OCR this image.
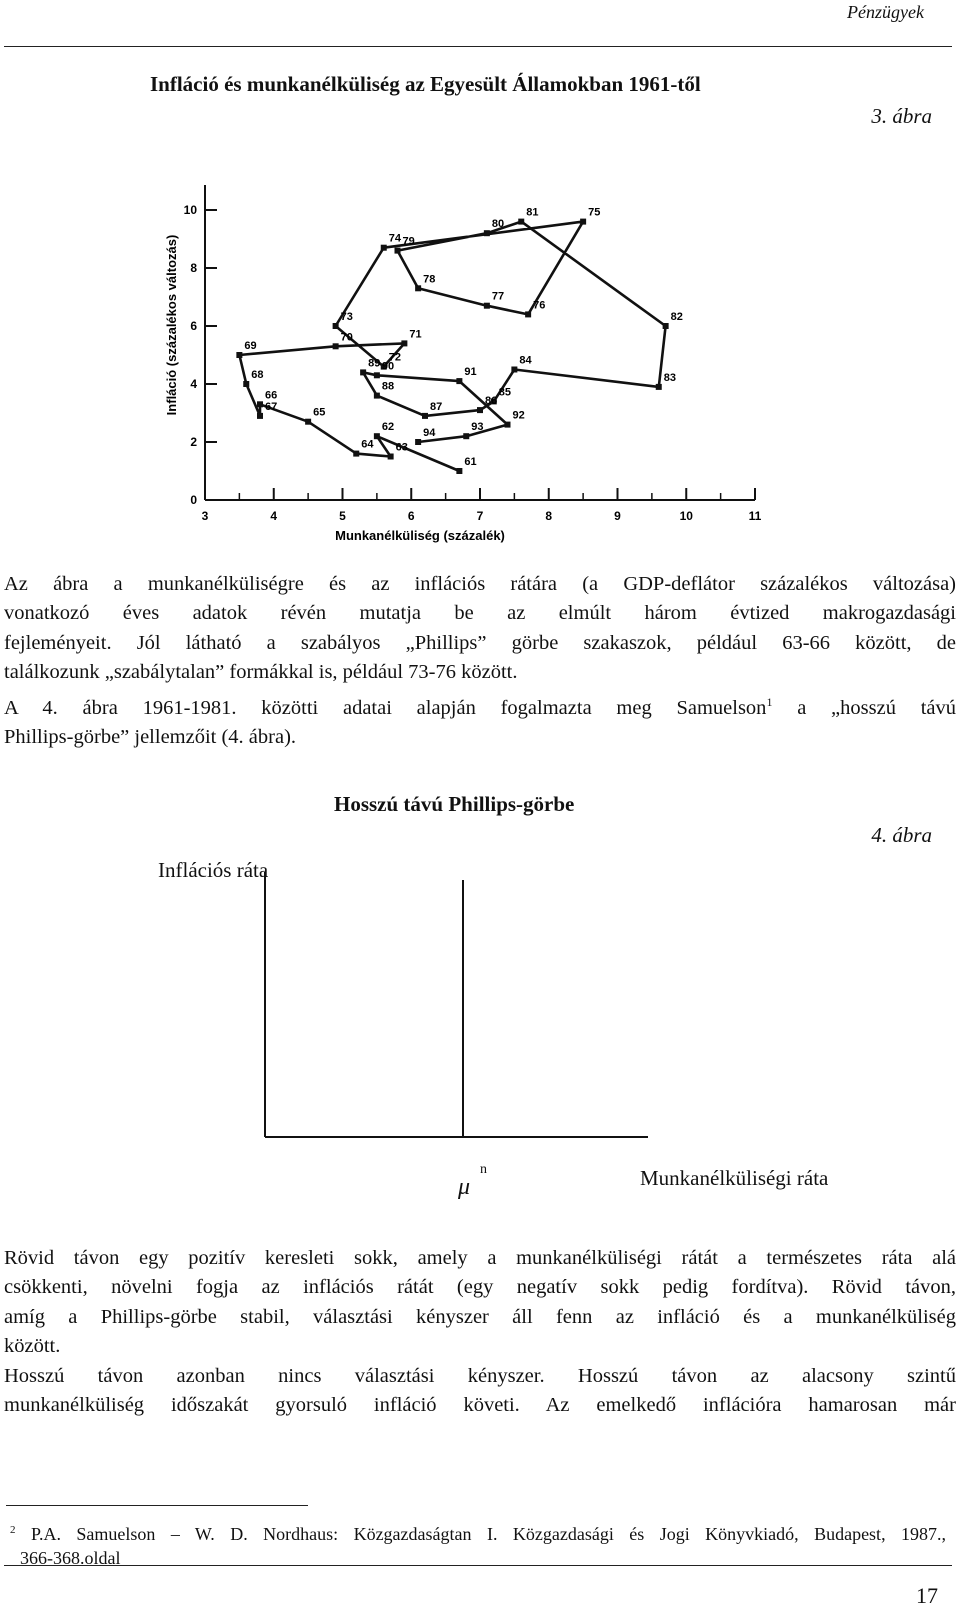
Pénzügyek
Infláció és munkanélküliség az Egyesült Államokban 1961-től
3. ábra
3	4	5	6	7	8	9	10	11
0
2
4
6
8
10
61
62
63
64
65
66
67
68
69
70	71
72
73
74
75
76
77
78
79
80
81
82
83
84
85
86
87
88
89 90	91
92
93
94
Munkanélküliség (százalék)
Infláció (százalékos változás)
Az ábra a munkanélküliségre és az inflációs rátára (a GDP-deflátor százalékos változása)
vonatkozó éves adatok révén mutatja be az elmúlt három évtized makrogazdasági
fejleményeit. Jól látható a szabályos „Phillips” görbe szakaszok, például 63-66 között, de
találkozunk „szabálytalan” formákkal is, például 73-76 között.
A 4. ábra 1961-1981. közötti adatai alapján fogalmazta meg Samuelson$^1$ a „hosszú távú
Phillips-görbe” jellemzőit (4. ábra).
Hosszú távú Phillips-görbe
4. ábra
Inflációs ráta
μ
n	Munkanélküliségi ráta
Rövid távon egy pozitív keresleti sokk, amely a munkanélküliségi rátát a természetes ráta alá
csökkenti, növelni fogja az inflációs rátát (egy negatív sokk pedig fordítva). Rövid távon,
amíg a Phillips-görbe stabil, választási kényszer áll fenn az infláció és a munkanélküliség
között.
Hosszú távon azonban nincs választási kényszer. Hosszú távon az alacsony szintű
munkanélküliség időszakát gyorsuló infláció követi. Az emelkedő inflációra hamarosan már
$^2$ P.A. Samuelson – W. D. Nordhaus: Közgazdaságtan I. Közgazdasági és Jogi Könyvkiadó, Budapest, 1987.,
366-368.oldal
17
